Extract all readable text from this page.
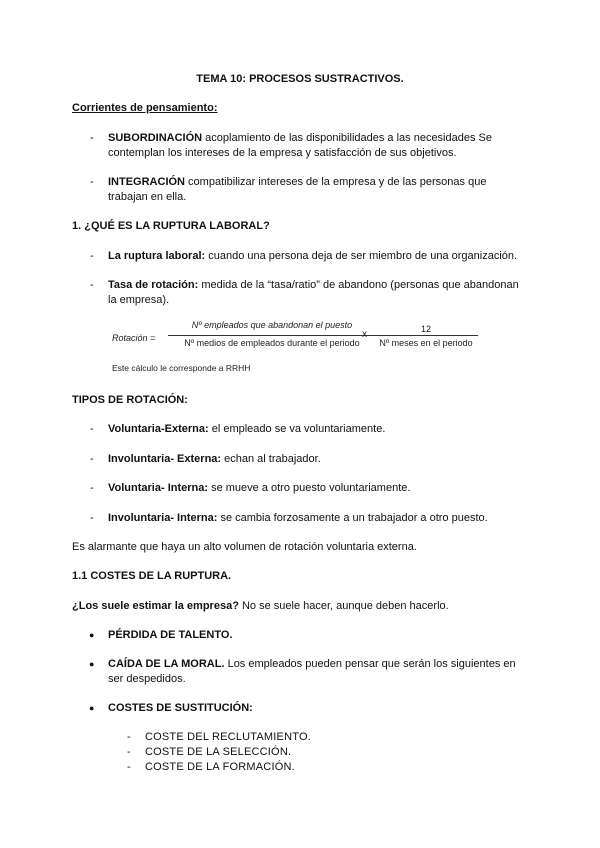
TEMA 10: PROCESOS SUSTRACTIVOS.
Corrientes de pensamiento:
- SUBORDINACIÓN acoplamiento de las disponibilidades a las necesidades Se contemplan los intereses de la empresa y satisfacción de sus objetivos.
- INTEGRACIÓN compatibilizar intereses de la empresa y de las personas que trabajan en ella.
1. ¿QUÉ ES LA RUPTURA LABORAL?
- La ruptura laboral: cuando una persona deja de ser miembro de una organización.
- Tasa de rotación: medida de la “tasa/ratio” de abandono (personas que abandonan la empresa).
Rotación =
Nº empleados que abandonan el puesto
Nº medios de empleados durante el periodo
x	12
Nº meses en el periodo
Este cálculo le corresponde a RRHH
TIPOS DE ROTACIÓN:
- Voluntaria-Externa: el empleado se va voluntariamente.
- Involuntaria- Externa: echan al trabajador.
- Voluntaria- Interna: se mueve a otro puesto voluntariamente.
- Involuntaria- Interna: se cambia forzosamente a un trabajador a otro puesto.
Es alarmante que haya un alto volumen de rotación voluntaria externa.
1.1 COSTES DE LA RUPTURA.
¿Los suele estimar la empresa? No se suele hacer, aunque deben hacerlo.
● PÉRDIDA DE TALENTO.
● CAÍDA DE LA MORAL. Los empleados pueden pensar que serán los siguientes en ser despedidos.
● COSTES DE SUSTITUCIÓN:
- COSTE DEL RECLUTAMIENTO.
- COSTE DE LA SELECCIÓN.
- COSTE DE LA FORMACIÓN.
